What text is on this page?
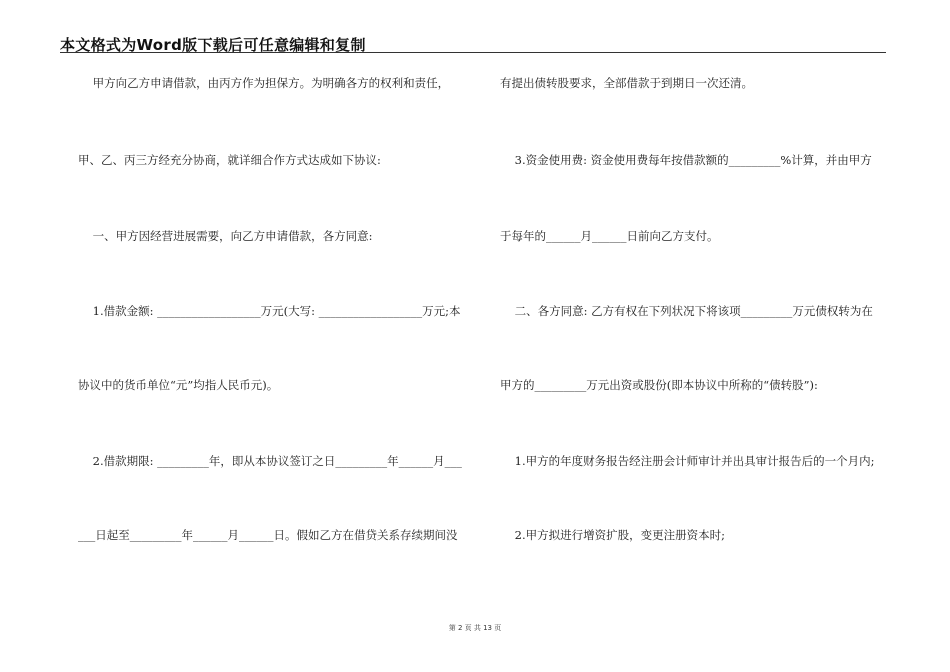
本文格式为Word版下载后可任意编辑和复制
甲方向乙方申请借款，由丙方作为担保方。为明确各方的权利和责任，
甲、乙、丙三方经充分协商，就详细合作方式达成如下协议:
一、甲方因经营进展需要，向乙方申请借款，各方同意:
1.借款金额: __________________万元(大写: __________________万元;本
协议中的货币单位“元”均指人民币元)。
2.借款期限: _________年，即从本协议签订之日_________年______月___
___日起至_________年______月______日。假如乙方在借贷关系存续期间没
有提出债转股要求，全部借款于到期日一次还清。
3.资金使用费: 资金使用费每年按借款额的_________%计算，并由甲方
于每年的______月______日前向乙方支付。
二、各方同意: 乙方有权在下列状况下将该项_________万元债权转为在
甲方的_________万元出资或股份(即本协议中所称的“债转股”):
1.甲方的年度财务报告经注册会计师审计并出具审计报告后的一个月内;
2.甲方拟进行增资扩股，变更注册资本时;
第 2 页 共 13 页
